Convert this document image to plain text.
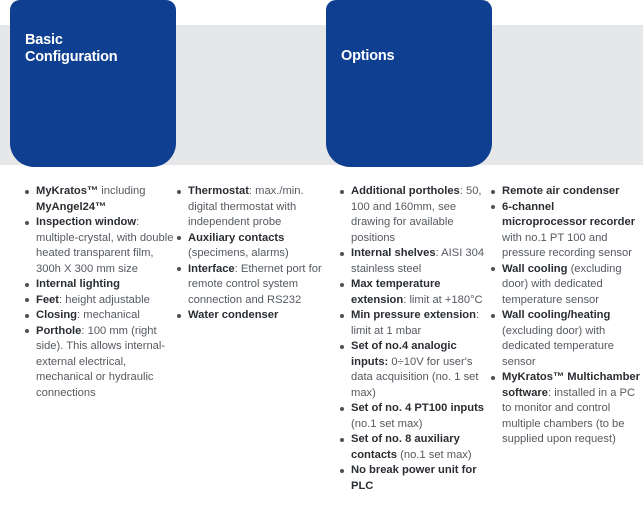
Basic
Configuration	Options
MyKratos™ including MyAngel24™
Inspection window: multiple-crystal, with double heated transparent film, 300h X 300 mm size
Internal lighting
Feet: height adjustable
Closing: mechanical
Porthole: 100 mm (right side). This allows internal-external electrical, mechanical or hydraulic connections
Thermostat: max./min. digital thermostat with independent probe
Auxiliary contacts (specimens, alarms)
Interface: Ethernet port for remote control system connection and RS232
Water condenser
Additional portholes: 50, 100 and 160mm, see drawing for available positions
Internal shelves: AISI 304 stainless steel
Max temperature extension: limit at +180°C
Min pressure extension: limit at 1 mbar
Set of no.4 analogic inputs: 0÷10V for user's data acquisition (no. 1 set max)
Set of no. 4 PT100 inputs (no.1 set max)
Set of no. 8 auxiliary contacts (no.1 set max)
No break power unit for PLC
Remote air condenser
6-channel microprocessor recorder with no.1 PT 100 and pressure recording sensor
Wall cooling (excluding door) with dedicated temperature sensor
Wall cooling/heating (excluding door) with dedicated temperature sensor
MyKratos™ Multichamber software: installed in a PC to monitor and control multiple chambers (to be supplied upon request)
